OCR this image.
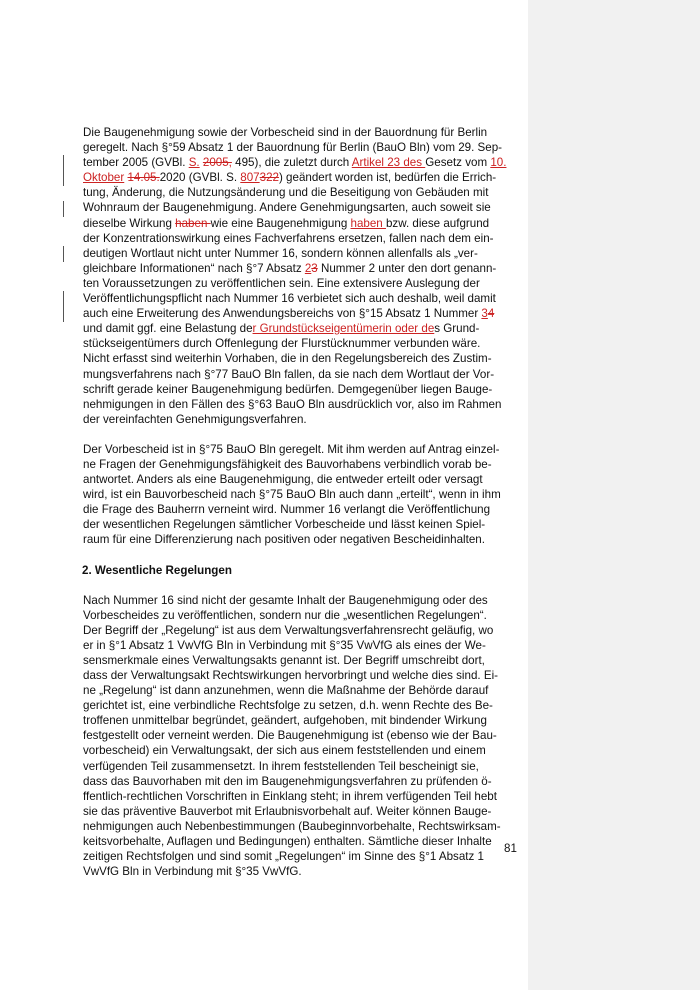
Die Baugenehmigung sowie der Vorbescheid sind in der Bauordnung für Berlin
geregelt. Nach §°59 Absatz 1 der Bauordnung für Berlin (BauO Bln) vom 29. Sep-
tember 2005 (GVBl. S. 2005, 495), die zuletzt durch Artikel 23 des Gesetz vom 10.
Oktober 14.05.2020 (GVBl. S. 807322) geändert worden ist, bedürfen die Errich-
tung, Änderung, die Nutzungsänderung und die Beseitigung von Gebäuden mit
Wohnraum der Baugenehmigung. Andere Genehmigungsarten, auch soweit sie
dieselbe Wirkung haben wie eine Baugenehmigung haben bzw. diese aufgrund
der Konzentrationswirkung eines Fachverfahrens ersetzen, fallen nach dem ein-
deutigen Wortlaut nicht unter Nummer 16, sondern können allenfalls als „ver-
gleichbare Informationen“ nach §°7 Absatz 23 Nummer 2 unter den dort genann-
ten Voraussetzungen zu veröffentlichen sein. Eine extensivere Auslegung der
Veröffentlichungspflicht nach Nummer 16 verbietet sich auch deshalb, weil damit
auch eine Erweiterung des Anwendungsbereichs von §°15 Absatz 1 Nummer 34
und damit ggf. eine Belastung der Grundstückseigentümerin oder des Grund-
stückseigentümers durch Offenlegung der Flurstücknummer verbunden wäre.
Nicht erfasst sind weiterhin Vorhaben, die in den Regelungsbereich des Zustim-
mungsverfahrens nach §°77 BauO Bln fallen, da sie nach dem Wortlaut der Vor-
schrift gerade keiner Baugenehmigung bedürfen. Demgegenüber liegen Bauge-
nehmigungen in den Fällen des §°63 BauO Bln ausdrücklich vor, also im Rahmen
der vereinfachten Genehmigungsverfahren.
Der Vorbescheid ist in §°75 BauO Bln geregelt. Mit ihm werden auf Antrag einzel-
ne Fragen der Genehmigungsfähigkeit des Bauvorhabens verbindlich vorab be-
antwortet. Anders als eine Baugenehmigung, die entweder erteilt oder versagt
wird, ist ein Bauvorbescheid nach §°75 BauO Bln auch dann „erteilt“, wenn in ihm
die Frage des Bauherrn verneint wird. Nummer 16 verlangt die Veröffentlichung
der wesentlichen Regelungen sämtlicher Vorbescheide und lässt keinen Spiel-
raum für eine Differenzierung nach positiven oder negativen Bescheidinhalten.
2. Wesentliche Regelungen
Nach Nummer 16 sind nicht der gesamte Inhalt der Baugenehmigung oder des
Vorbescheides zu veröffentlichen, sondern nur die „wesentlichen Regelungen“.
Der Begriff der „Regelung“ ist aus dem Verwaltungsverfahrensrecht geläufig, wo
er in §°1 Absatz 1 VwVfG Bln in Verbindung mit §°35 VwVfG als eines der We-
sensmerkmale eines Verwaltungsakts genannt ist. Der Begriff umschreibt dort,
dass der Verwaltungsakt Rechtswirkungen hervorbringt und welche dies sind. Ei-
ne „Regelung“ ist dann anzunehmen, wenn die Maßnahme der Behörde darauf
gerichtet ist, eine verbindliche Rechtsfolge zu setzen, d.h. wenn Rechte des Be-
troffenen unmittelbar begründet, geändert, aufgehoben, mit bindender Wirkung
festgestellt oder verneint werden. Die Baugenehmigung ist (ebenso wie der Bau-
vorbescheid) ein Verwaltungsakt, der sich aus einem feststellenden und einem
verfügenden Teil zusammensetzt. In ihrem feststellenden Teil bescheinigt sie,
dass das Bauvorhaben mit den im Baugenehmigungsverfahren zu prüfenden ö-
ffentlich-rechtlichen Vorschriften in Einklang steht; in ihrem verfügenden Teil hebt
sie das präventive Bauverbot mit Erlaubnisvorbehalt auf. Weiter können Bauge-
nehmigungen auch Nebenbestimmungen (Baubeginnvorbehalte, Rechtswirksam-
keitsvorbehalte, Auflagen und Bedingungen) enthalten. Sämtliche dieser Inhalte
zeitigen Rechtsfolgen und sind somit „Regelungen“ im Sinne des §°1 Absatz 1
VwVfG Bln in Verbindung mit §°35 VwVfG.
81
